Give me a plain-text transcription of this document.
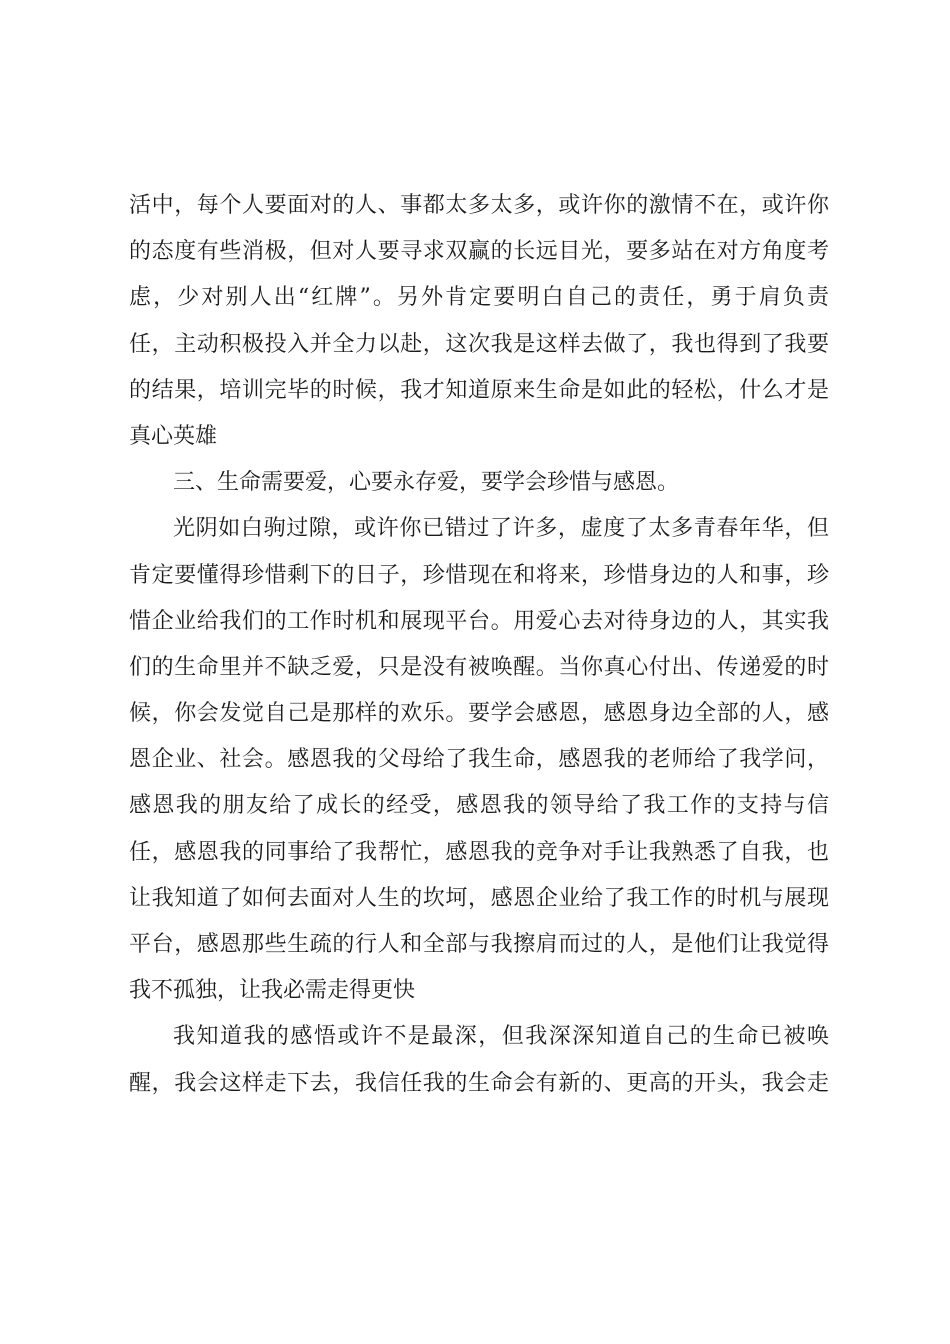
活中，每个人要面对的人、事都太多太多，或许你的激情不在，或许你
的态度有些消极，但对人要寻求双赢的长远目光，要多站在对方角度考
虑，少对别人出“红牌”。另外肯定要明白自己的责任，勇于肩负责
任，主动积极投入并全力以赴，这次我是这样去做了，我也得到了我要
的结果，培训完毕的时候，我才知道原来生命是如此的轻松，什么才是
真心英雄
三、生命需要爱，心要永存爱，要学会珍惜与感恩。
光阴如白驹过隙，或许你已错过了许多，虚度了太多青春年华，但
肯定要懂得珍惜剩下的日子，珍惜现在和将来，珍惜身边的人和事，珍
惜企业给我们的工作时机和展现平台。用爱心去对待身边的人，其实我
们的生命里并不缺乏爱，只是没有被唤醒。当你真心付出、传递爱的时
候，你会发觉自己是那样的欢乐。要学会感恩，感恩身边全部的人，感
恩企业、社会。感恩我的父母给了我生命，感恩我的老师给了我学问，
感恩我的朋友给了成长的经受，感恩我的领导给了我工作的支持与信
任，感恩我的同事给了我帮忙，感恩我的竞争对手让我熟悉了自我，也
让我知道了如何去面对人生的坎坷，感恩企业给了我工作的时机与展现
平台，感恩那些生疏的行人和全部与我擦肩而过的人，是他们让我觉得
我不孤独，让我必需走得更快
我知道我的感悟或许不是最深，但我深深知道自己的生命已被唤
醒，我会这样走下去，我信任我的生命会有新的、更高的开头，我会走
